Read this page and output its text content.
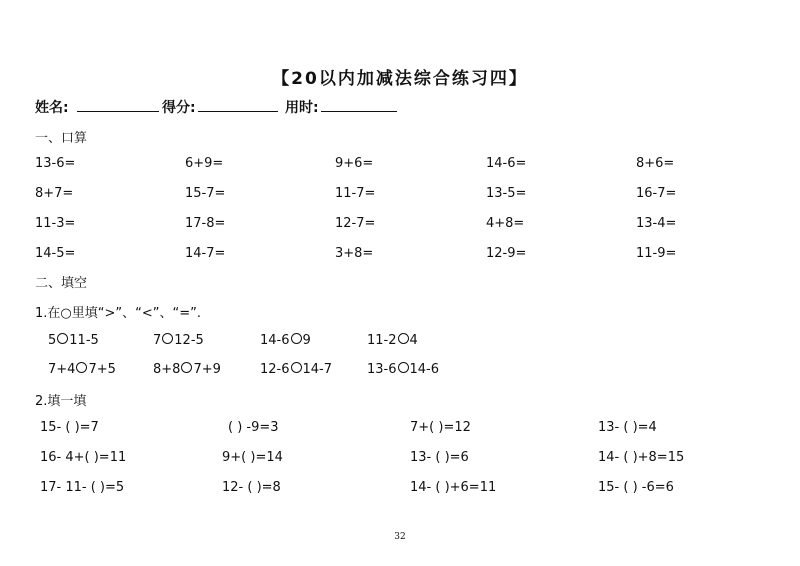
【20以内加减法综合练习四】
姓名:	得分:	用时:
一、口算
13-6=	6+9=	9+6=	14-6=	8+6=
8+7=	15-7=	11-7=	13-5=	16-7=
11-3=	17-8=	12-7=	4+8=	13-4=
14-5=	14-7=	3+8=	12-9=	11-9=
二、填空
1.在○里填“>”、“<”、“=”.
5 11-5	7 12-5	14-6 9	11-2 4
7+4 7+5	8+8 7+9	12-6 14-7	13-6 14-6
2.填一填
15- ( )=7	( ) -9=3	7+( )=12	13- ( )=4
16- 4+( )=11	9+( )=14	13- ( )=6	14- ( )+8=15
17- 11- ( )=5	12- ( )=8	14- ( )+6=11	15- ( ) -6=6
32
